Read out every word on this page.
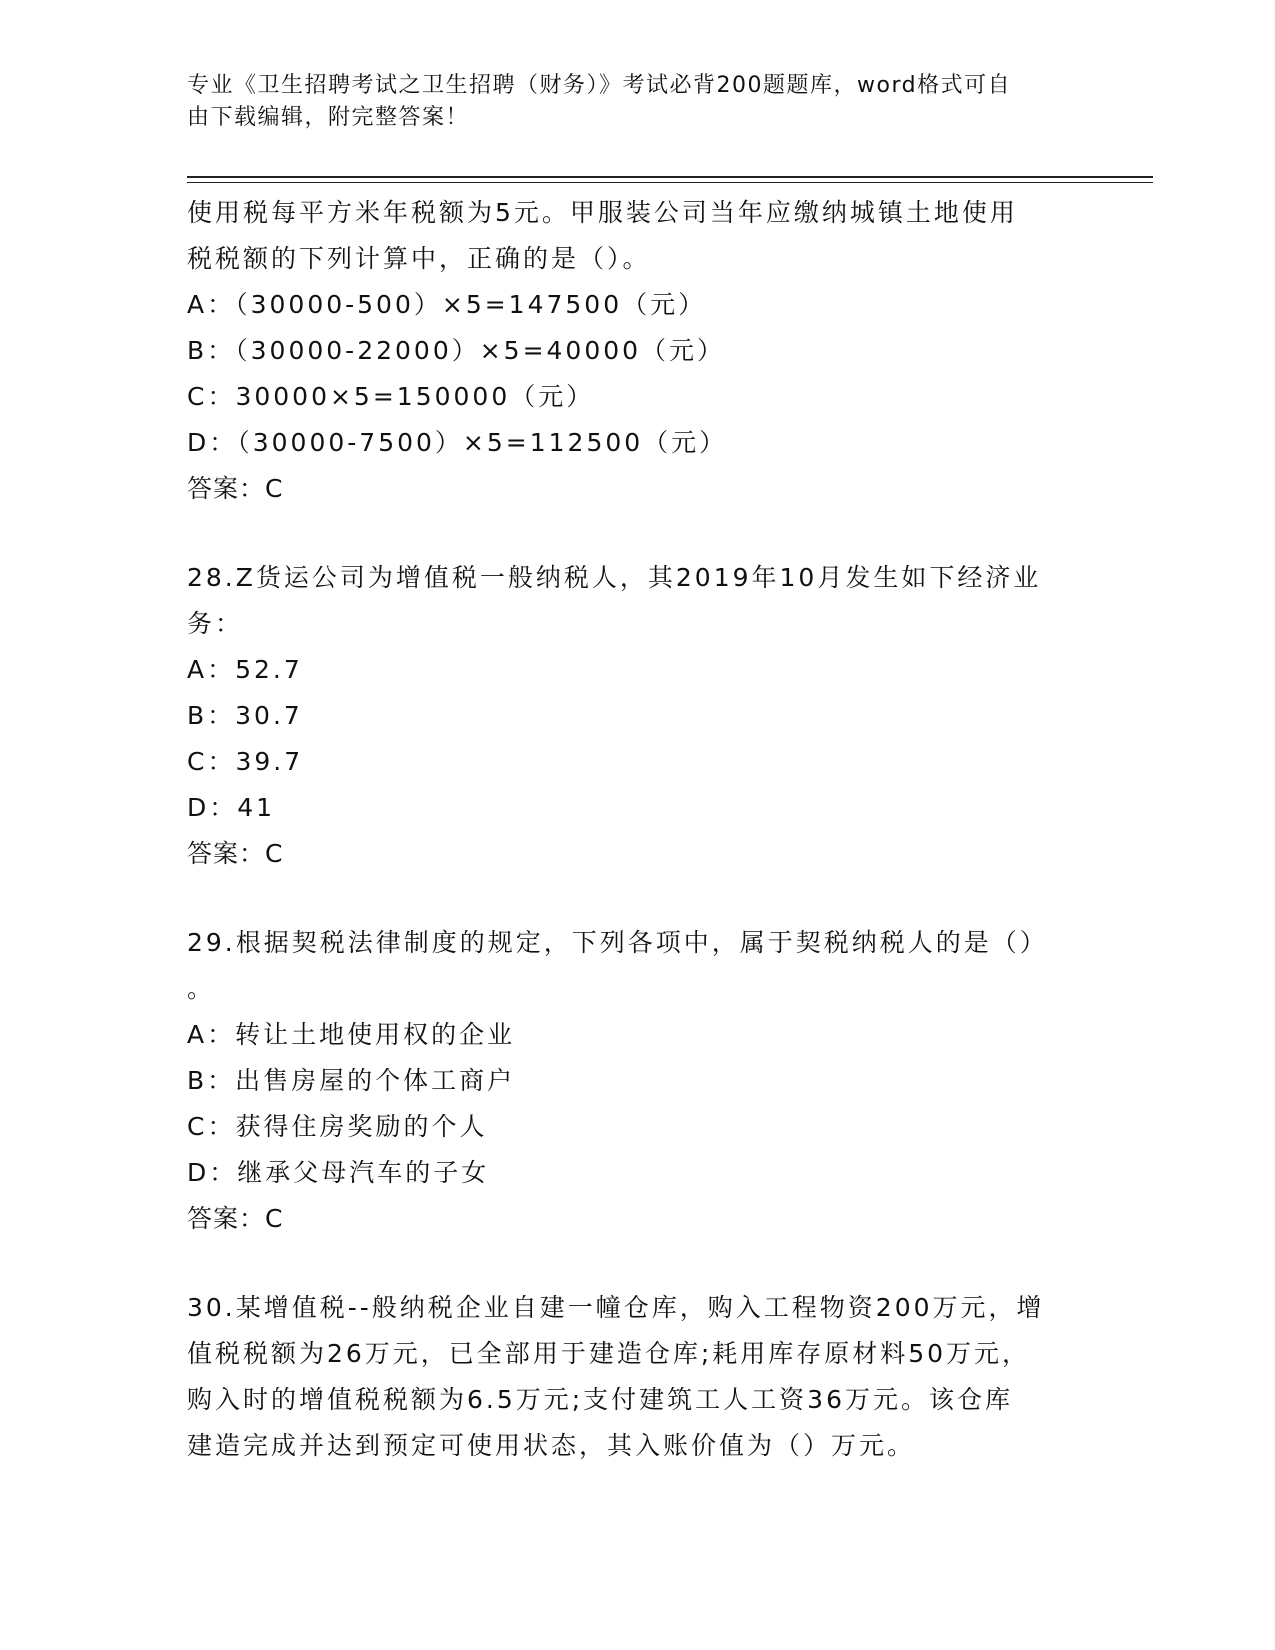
专业《卫生招聘考试之卫生招聘（财务）》考试必背200题题库，word格式可自
由下载编辑，附完整答案！
使用税每平方米年税额为5元。甲服装公司当年应缴纳城镇土地使用
税税额的下列计算中，正确的是（）。
A：（30000-500）×5=147500（元）
B：（30000-22000）×5=40000（元）
C：30000×5=150000（元）
D：（30000-7500）×5=112500（元）
答案：C
28.Z货运公司为增值税一般纳税人，其2019年10月发生如下经济业
务：
A：52.7
B：30.7
C：39.7
D：41
答案：C
29.根据契税法律制度的规定，下列各项中，属于契税纳税人的是（）
。
A：转让土地使用权的企业
B：出售房屋的个体工商户
C：获得住房奖励的个人
D：继承父母汽车的子女
答案：C
30.某增值税--般纳税企业自建一幢仓库，购入工程物资200万元，增
值税税额为26万元，已全部用于建造仓库;耗用库存原材料50万元，
购入时的增值税税额为6.5万元;支付建筑工人工资36万元。该仓库
建造完成并达到预定可使用状态，其入账价值为（）万元。
